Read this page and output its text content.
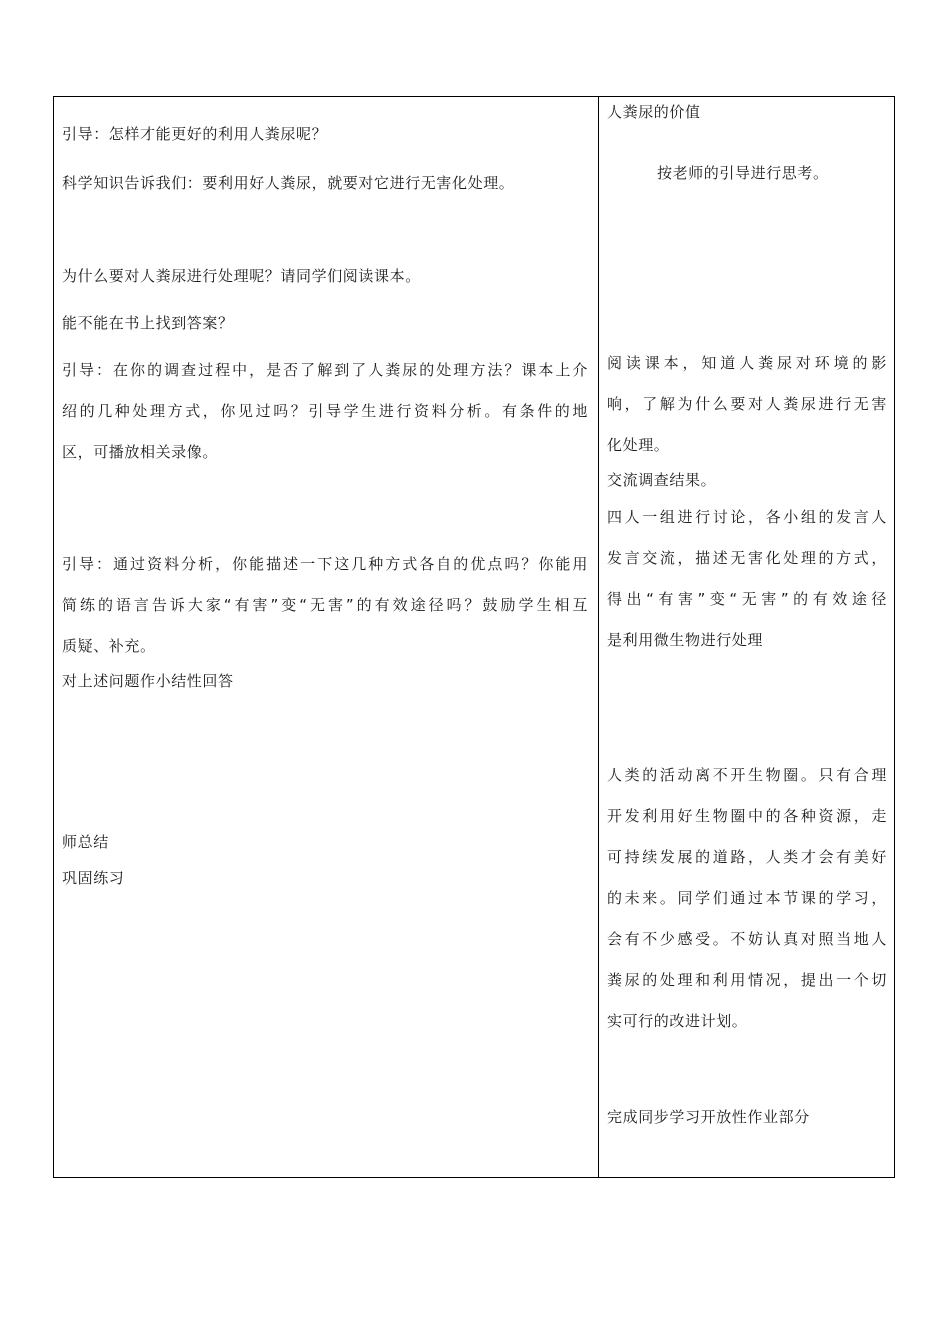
引导：怎样才能更好的利用人粪尿呢？
科学知识告诉我们：要利用好人粪尿，就要对它进行无害化处理。
为什么要对人粪尿进行处理呢？请同学们阅读课本。
能不能在书上找到答案？
引导：在你的调查过程中，是否了解到了人粪尿的处理方法？课本上介
绍的几种处理方式，你见过吗？引导学生进行资料分析。有条件的地
区，可播放相关录像。
引导：通过资料分析，你能描述一下这几种方式各自的优点吗？你能用
简练的语言告诉大家“有害”变“无害”的有效途径吗？鼓励学生相互
质疑、补充。
对上述问题作小结性回答
师总结
巩固练习
人粪尿的价值
按老师的引导进行思考。
阅读课本，知道人粪尿对环境的影
响，了解为什么要对人粪尿进行无害
化处理。
交流调查结果。
四人一组进行讨论，各小组的发言人
发言交流，描述无害化处理的方式，
得出“有害”变“无害”的有效途径
是利用微生物进行处理
人类的活动离不开生物圈。只有合理
开发利用好生物圈中的各种资源，走
可持续发展的道路，人类才会有美好
的未来。同学们通过本节课的学习，
会有不少感受。不妨认真对照当地人
粪尿的处理和利用情况，提出一个切
实可行的改进计划。
完成同步学习开放性作业部分
